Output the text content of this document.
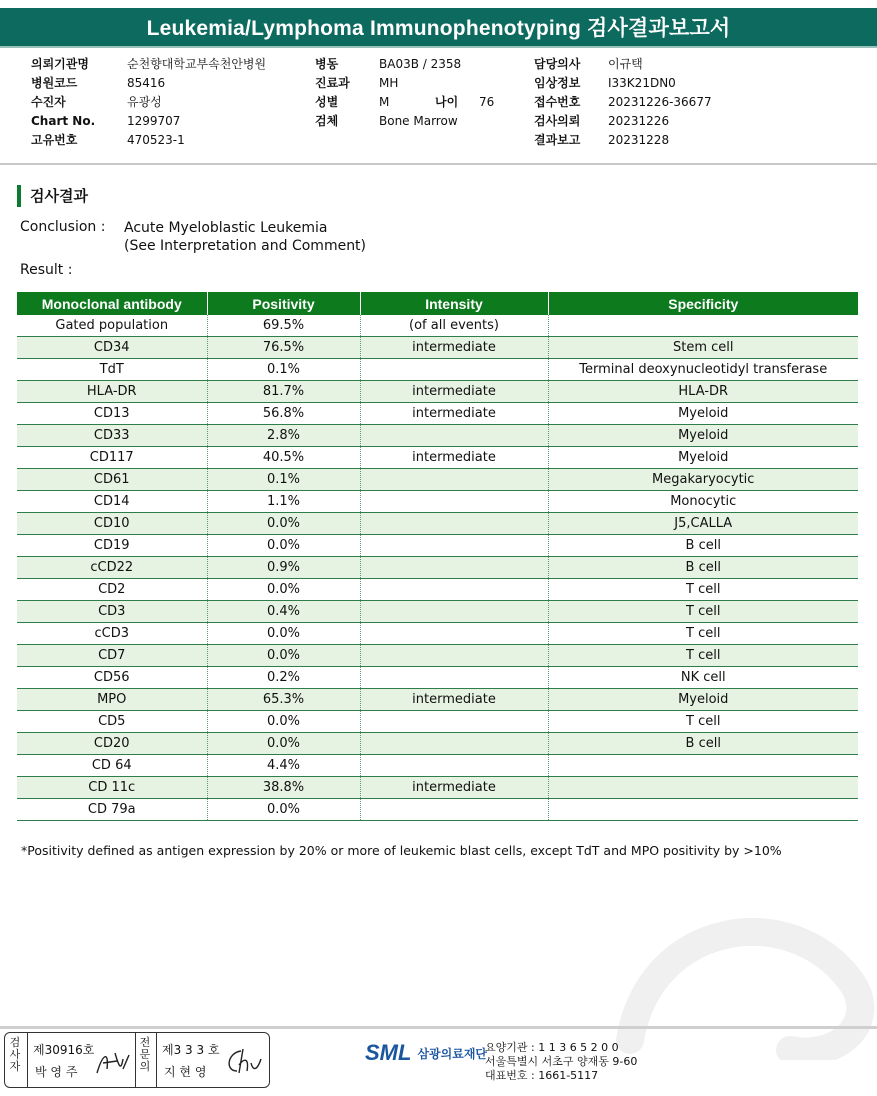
Leukemia/Lymphoma Immunophenotyping 검사결과보고서
의뢰기관명	순천향대학교부속천안병원
병원코드	85416
수진자	유광성
Chart No.	1299707
고유번호	470523-1
병동	BA03B / 2358
진료과 MH
성별	M	나이 76
검체	Bone Marrow
담당의사 이규택
임상정보 I33K21DN0
접수번호 20231226-36677
검사의뢰 20231226
결과보고 20231228
검사결과
Conclusion : Acute Myeloblastic Leukemia
(See Interpretation and Comment)
Result :
Monoclonal antibody	Positivity	Intensity	Specificity
Gated population	69.5%	(of all events)	
CD34	76.5%	intermediate	Stem cell
TdT	0.1%		Terminal deoxynucleotidyl transferase
HLA-DR	81.7%	intermediate	HLA-DR
CD13	56.8%	intermediate	Myeloid
CD33	2.8%		Myeloid
CD117	40.5%	intermediate	Myeloid
CD61	0.1%		Megakaryocytic
CD14	1.1%		Monocytic
CD10	0.0%		J5,CALLA
CD19	0.0%		B cell
cCD22	0.9%		B cell
CD2	0.0%		T cell
CD3	0.4%		T cell
cCD3	0.0%		T cell
CD7	0.0%		T cell
CD56	0.2%		NK cell
MPO	65.3%	intermediate	Myeloid
CD5	0.0%		T cell
CD20	0.0%		B cell
CD 64	4.4%		
CD 11c	38.8%	intermediate	
CD 79a	0.0%		
*Positivity defined as antigen expression by 20% or more of leukemic blast cells, except TdT and MPO positivity by >10%
검
사
자
제30916호
박 영 주
전
문
의
제3 3 3 호
지 현 영
SML 삼광의료재단
요양기관 : 1 1 3 6 5 2 0 0
서울특별시 서초구 양재동 9-60
대표번호 : 1661-5117
